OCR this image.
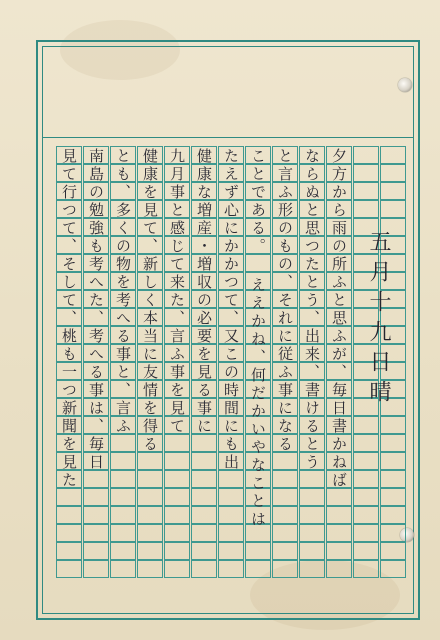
夕方から雨の所ふと思ふが、毎日書かねば
ならぬと思つたとう、出来、書けるとう
と言ふ形のもの、それに従ふ事になる
ことである。 ええかね、何だかいやなことは
たえず心にかかつて、又この時間にも出
健康な増産・増収の必要を見る事に
九月事と感じて来た、言ふ事を見て
健康を見て、新しく本当に友情を得る
とも、多くの物を考へる事と、言ふ
南島の勉強も考へた、考へる事は、毎日
見て行つて、そして、桃も一つ新聞を見た	五月十九日晴
